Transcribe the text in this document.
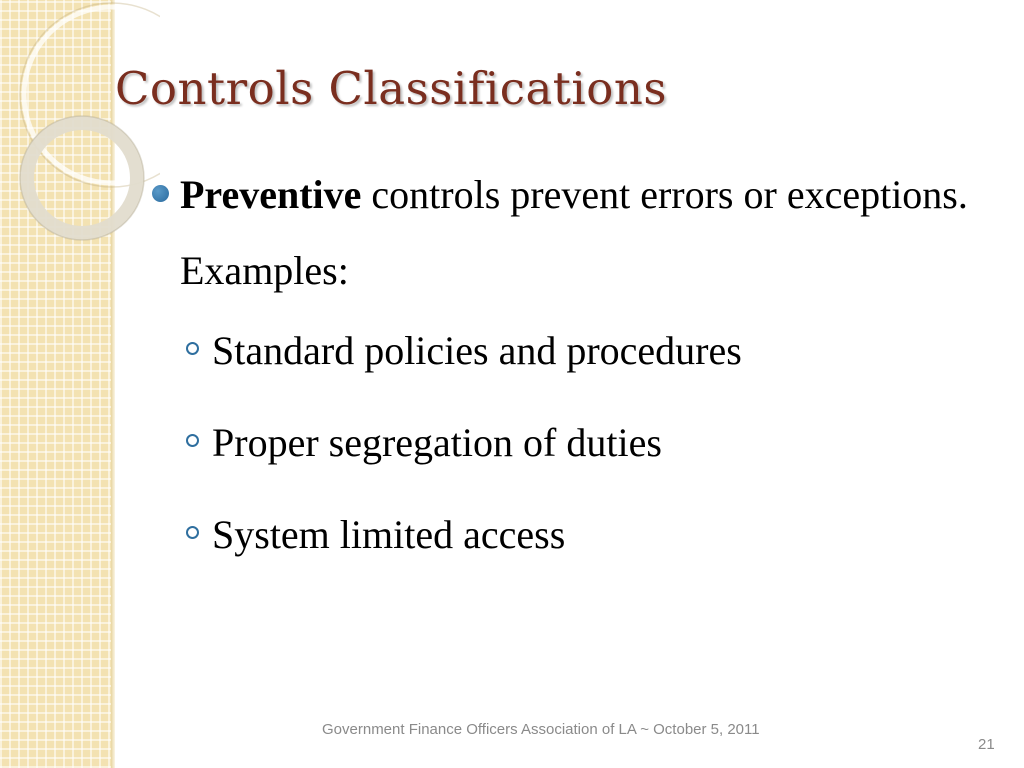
Controls Classifications
Preventive controls prevent errors or exceptions.
Examples:
Standard policies and procedures
Proper segregation of duties
System limited access
Government Finance Officers Association of LA ~ October 5, 2011
21
